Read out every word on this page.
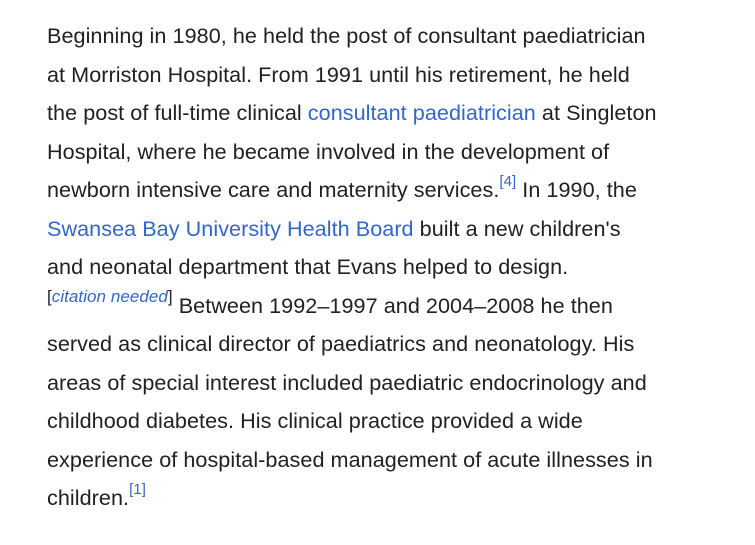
Beginning in 1980, he held the post of consultant paediatrician
at Morriston Hospital. From 1991 until his retirement, he held
the post of full-time clinical consultant paediatrician at Singleton
Hospital, where he became involved in the development of
newborn intensive care and maternity services.[4] In 1990, the
Swansea Bay University Health Board built a new children's
and neonatal department that Evans helped to design.
[citation needed] Between 1992–1997 and 2004–2008 he then
served as clinical director of paediatrics and neonatology. His
areas of special interest included paediatric endocrinology and
childhood diabetes. His clinical practice provided a wide
experience of hospital-based management of acute illnesses in
children.[1]
